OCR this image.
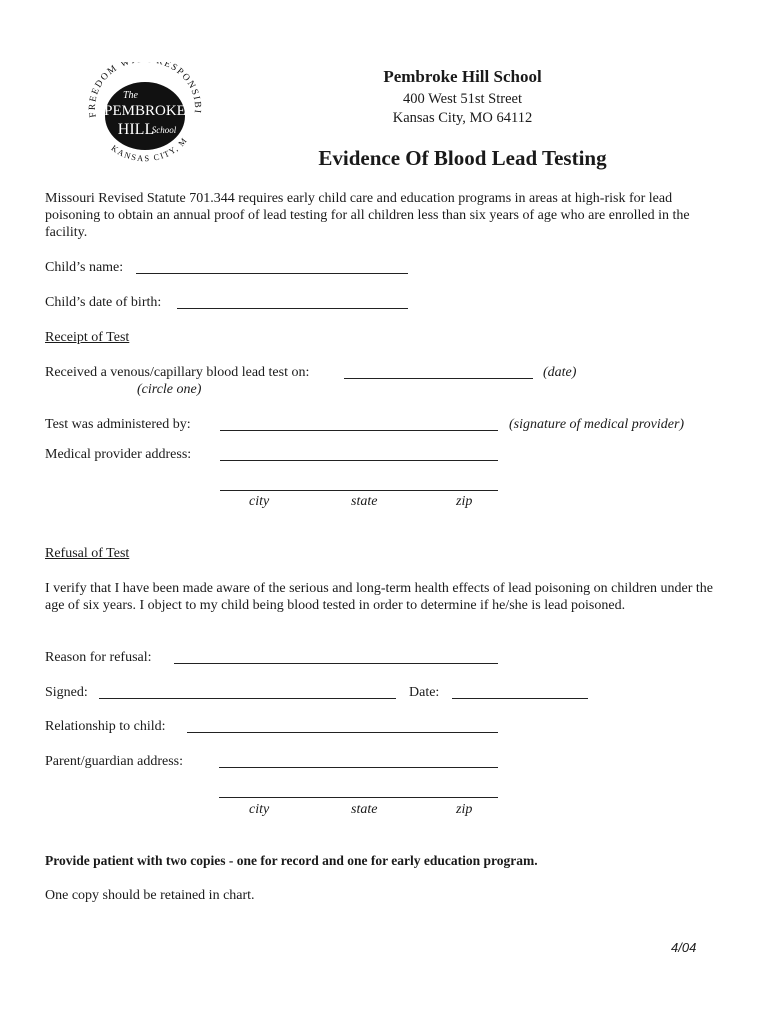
FREEDOM W RESPONSIBI
KANSAS CITY, M
The
PEMBROKE
HILL
School
Pembroke Hill School
400 West 51st Street
Kansas City, MO 64112
Evidence Of Blood Lead Testing
Missouri Revised Statute 701.344 requires early child care and education programs in areas at high-risk for lead poisoning to obtain an annual proof of lead testing for all children less than six years of age who are enrolled in the facility.
Child’s name:
Child’s date of birth:
Receipt of Test
Received a venous/capillary blood lead test on:	(date)
(circle one)
Test was administered by:	(signature of medical provider)
Medical provider address:
city	state	zip
Refusal of Test
I verify that I have been made aware of the serious and long-term health effects of lead poisoning on children under the age of six years. I object to my child being blood tested in order to determine if he/she is lead poisoned.
Reason for refusal:
Signed:	Date:
Relationship to child:
Parent/guardian address:
city	state	zip
Provide patient with two copies - one for record and one for early education program.
One copy should be retained in chart.
4/04
